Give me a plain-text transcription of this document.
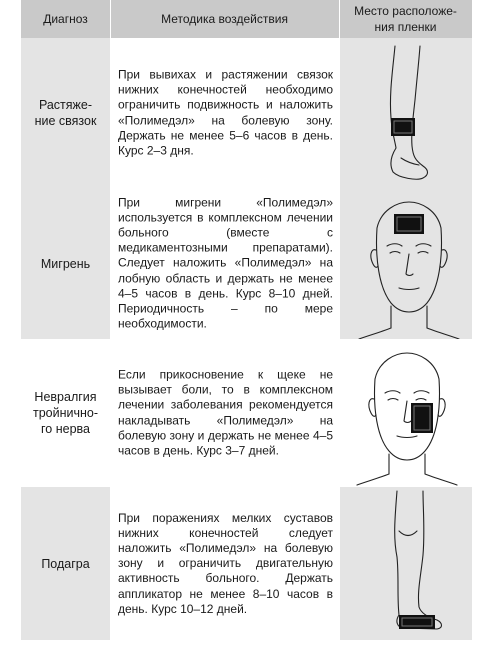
Диагноз	Методика воздействия
Место расположе-
ния пленки
Растяже-
ние связок
При вывихах и растяжении связок нижних конечностей необходимо ограничить подвижность и наложить «Полимедэл» на болевую зону. Держать не менее 5–6 часов в день. Курс 2–3 дня.
Мигрень
При мигрени «Полимедэл» используется в комплексном лечении больного (вместе с медикаментозными препаратами). Следует наложить «Полимедэл» на лобную область и держать не менее 4–5 часов в день. Курс 8–10 дней. Периодичность – по мере необходимости.
Невралгия
тройнично-
го нерва
Если прикосновение к щеке не вызывает боли, то в комплексном лечении заболевания рекомендуется накладывать «Полимедэл» на болевую зону и держать не менее 4–5 часов в день. Курс 3–7 дней.
Подагра
При поражениях мелких суставов нижних конечностей следует наложить «Полимедэл» на болевую зону и ограничить двигательную активность больного. Держать аппликатор не менее 8–10 часов в день. Курс 10–12 дней.
